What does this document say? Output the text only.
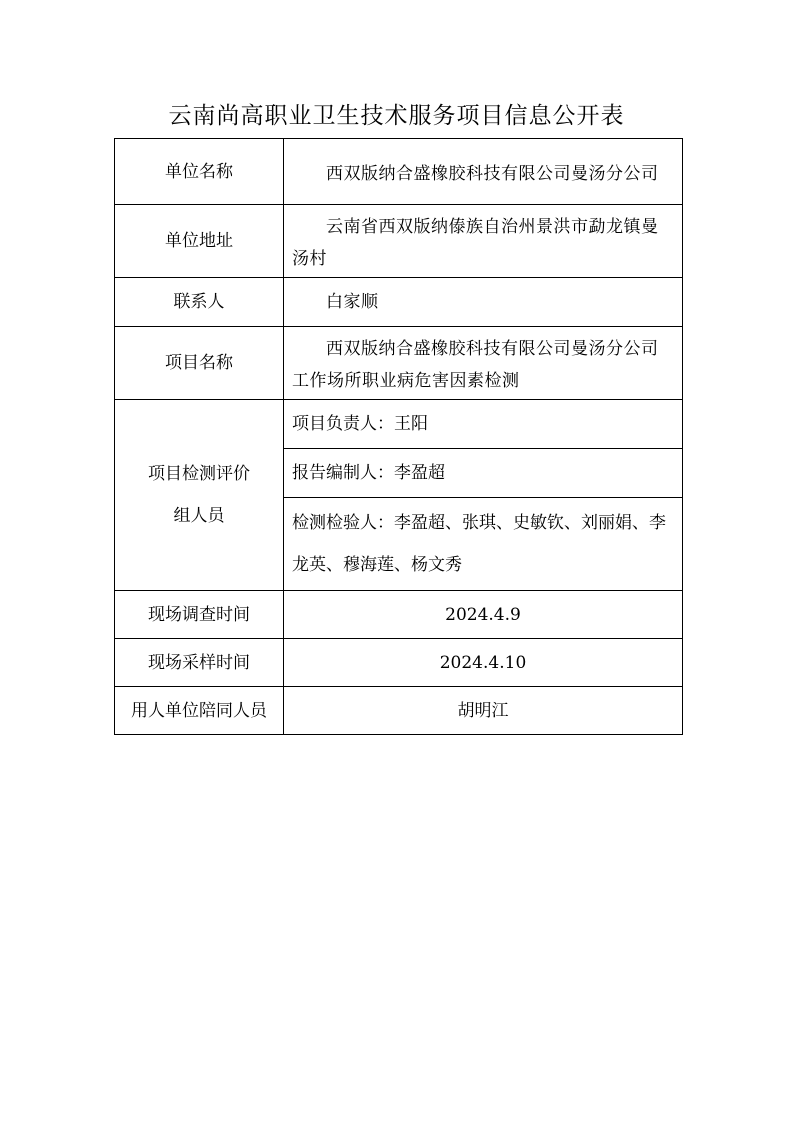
云南尚高职业卫生技术服务项目信息公开表
单位名称	西双版纳合盛橡胶科技有限公司曼汤分公司

单位地址	云南省西双版纳傣族自治州景洪市勐龙镇曼汤村

联系人	白家顺

项目名称	西双版纳合盛橡胶科技有限公司曼汤分公司工作场所职业病危害因素检测

项目检测评价
组人员	项目负责人：王阳

	报告编制人：李盈超

	检测检验人：李盈超、张琪、史敏钦、刘丽娟、李龙英、穆海莲、杨文秀

现场调查时间	2024.4.9
现场采样时间	2024.4.10
用人单位陪同人员	胡明江
